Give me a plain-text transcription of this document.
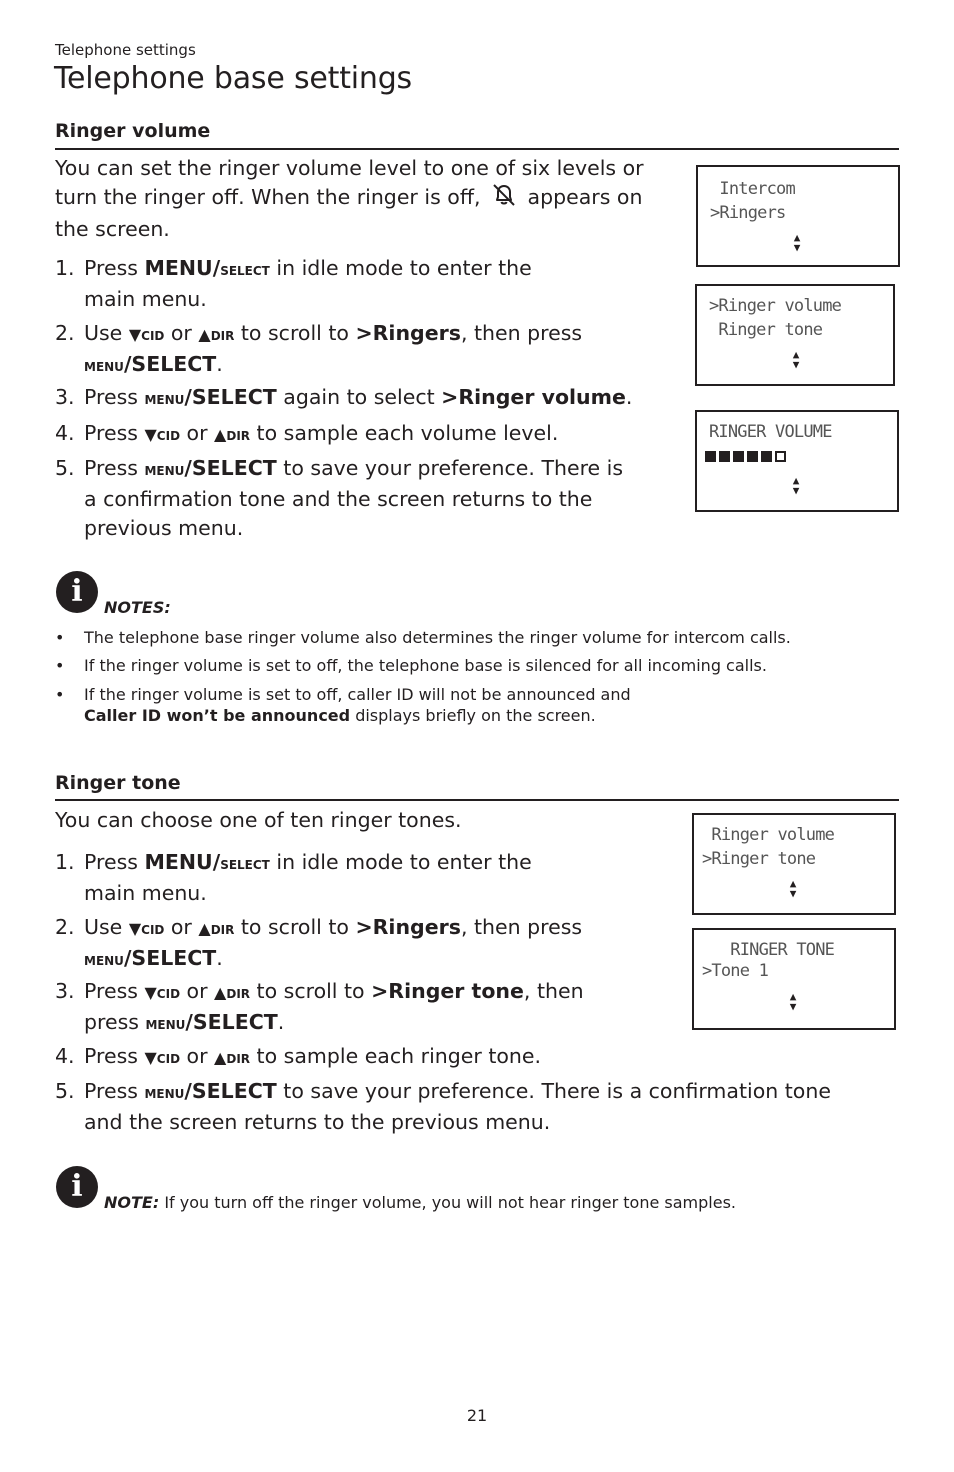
Telephone settings
Telephone base settings
Ringer volume
You can set the ringer volume level to one of six levels or
turn the ringer off. When the ringer is off, appears on
the screen.
1. Press MENU/select in idle mode to enter the
main menu.
2. Use ▼cid or ▲dir to scroll to >Ringers, then press
menu/SELECT.
3. Press menu/SELECT again to select >Ringer volume.
4. Press ▼cid or ▲dir to sample each volume level.
5. Press menu/SELECT to save your preference. There is
a confirmation tone and the screen returns to the
previous menu.
Intercom
>Ringers
▲
▼
>Ringer volume
Ringer tone
▲
▼
RINGER VOLUME
▲
▼
i	NOTES:
• The telephone base ringer volume also determines the ringer volume for intercom calls.
• If the ringer volume is set to off, the telephone base is silenced for all incoming calls.
• If the ringer volume is set to off, caller ID will not be announced and
Caller ID won’t be announced displays briefly on the screen.
Ringer tone
You can choose one of ten ringer tones.
1. Press MENU/select in idle mode to enter the
main menu.
2. Use ▼cid or ▲dir to scroll to >Ringers, then press
menu/SELECT.
3. Press ▼cid or ▲dir to scroll to >Ringer tone, then
press menu/SELECT.
4. Press ▼cid or ▲dir to sample each ringer tone.
5. Press menu/SELECT to save your preference. There is a confirmation tone
and the screen returns to the previous menu.
Ringer volume
>Ringer tone
▲
▼
RINGER TONE
>Tone 1
▲
▼
i	NOTE: If you turn off the ringer volume, you will not hear ringer tone samples.
21
